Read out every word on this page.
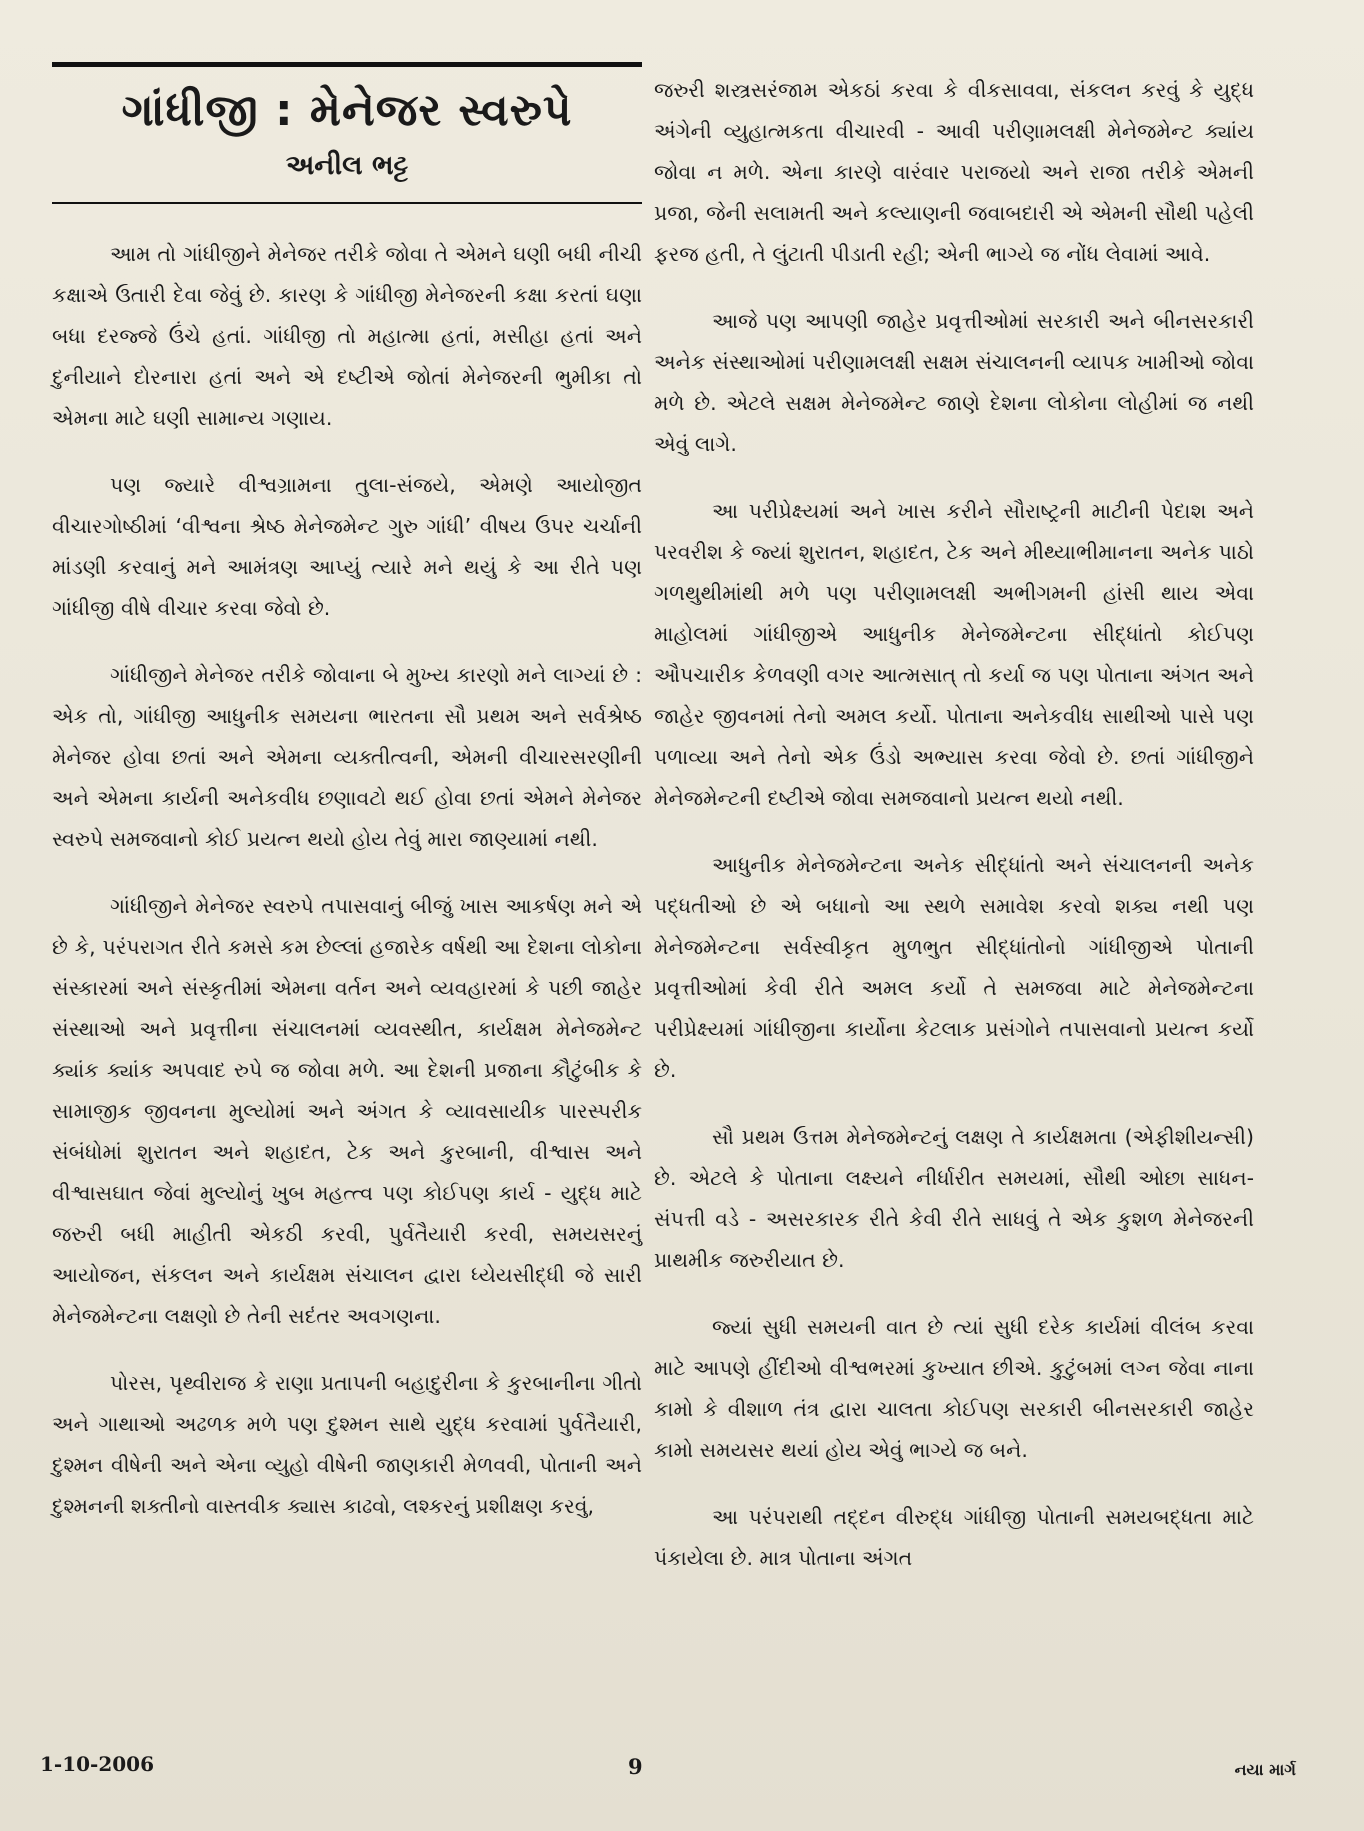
ગાંધીજી : મેનેજર સ્વરુપે
અનીલ ભટ્ટ

આમ તો ગાંધીજીને મેનેજર તરીકે જોવા તે એમને ઘણી બધી નીચી કક્ષાએ ઉતારી દેવા જેવું છે. કારણ કે ગાંધીજી મેનેજરની કક્ષા કરતાં ઘણા બધા દરજ્જે ઉંચે હતાં. ગાંધીજી તો મહાત્મા હતાં, મસીહા હતાં અને દુનીયાને દોરનારા હતાં અને એ દષ્ટીએ જોતાં મેનેજરની ભુમીકા તો એમના માટે ઘણી સામાન્ય ગણાય.

પણ જ્યારે વીશ્વગ્રામના તુલા-સંજયે, એમણે આયોજીત વીચારગોષ્ઠીમાં ‘વીશ્વના શ્રેષ્ઠ મેનેજમેન્ટ ગુરુ ગાંધી’ વીષય ઉપર ચર્ચાની માંડણી કરવાનું મને આમંત્રણ આપ્યું ત્યારે મને થયું કે આ રીતે પણ ગાંધીજી વીષે વીચાર કરવા જેવો છે.

ગાંધીજીને મેનેજર તરીકે જોવાના બે મુખ્ય કારણો મને લાગ્યાં છે : એક તો, ગાંધીજી આધુનીક સમયના ભારતના સૌ પ્રથમ અને સર્વશ્રેષ્ઠ મેનેજર હોવા છતાં અને એમના વ્યક્તીત્વની, એમની વીચારસરણીની અને એમના કાર્યની અનેકવીધ છણાવટો થઈ હોવા છતાં એમને મેનેજર સ્વરુપે સમજવાનો કોઈ પ્રયત્ન થયો હોય તેવું મારા જાણ્યામાં નથી.

ગાંધીજીને મેનેજર સ્વરુપે તપાસવાનું બીજું ખાસ આકર્ષણ મને એ છે કે, પરંપરાગત રીતે કમસે કમ છેલ્લાં હજારેક વર્ષથી આ દેશના લોકોના સંસ્કારમાં અને સંસ્કૃતીમાં એમના વર્તન અને વ્યવહારમાં કે પછી જાહેર સંસ્થાઓ અને પ્રવૃત્તીના સંચાલનમાં વ્યવસ્થીત, કાર્યક્ષમ મેનેજમેન્ટ ક્યાંક ક્યાંક અપવાદ રુપે જ જોવા મળે. આ દેશની પ્રજાના કૌટુંબીક કે સામાજીક જીવનના મુલ્યોમાં અને અંગત કે વ્યાવસાયીક પારસ્પરીક સંબંધોમાં શુરાતન અને શહાદત, ટેક અને કુરબાની, વીશ્વાસ અને વીશ્વાસઘાત જેવાં મુલ્યોનું ખુબ મહત્ત્વ પણ કોઈપણ કાર્ય - યુદ્ધ માટે જરુરી બધી માહીતી એકઠી કરવી, પુર્વતૈયારી કરવી, સમયસરનું આયોજન, સંકલન અને કાર્યક્ષમ સંચાલન દ્વારા ધ્યેયસીદ્ધી જે સારી મેનેજમેન્ટના લક્ષણો છે તેની સદંતર અવગણના.

પોરસ, પૃથ્વીરાજ કે રાણા પ્રતાપની બહાદુરીના કે કુરબાનીના ગીતો અને ગાથાઓ અઢળક મળે પણ દુશ્મન સાથે યુદ્ધ કરવામાં પુર્વતૈયારી, દુશ્મન વીષેની અને એના વ્યુહો વીષેની જાણકારી મેળવવી, પોતાની અને દુશ્મનની શક્તીનો વાસ્તવીક ક્યાસ કાઢવો, લશ્કરનું પ્રશીક્ષણ કરવું,

જરુરી શસ્ત્રસરંજામ એકઠાં કરવા કે વીકસાવવા, સંકલન કરવું કે યુદ્ધ અંગેની વ્યુહાત્મકતા વીચારવી - આવી પરીણામલક્ષી મેનેજમેન્ટ ક્યાંય જોવા ન મળે. એના કારણે વારંવાર પરાજયો અને રાજા તરીકે એમની પ્રજા, જેની સલામતી અને કલ્યાણની જવાબદારી એ એમની સૌથી પહેલી ફરજ હતી, તે લુંટાતી પીડાતી રહી; એની ભાગ્યે જ નોંધ લેવામાં આવે.

આજે પણ આપણી જાહેર પ્રવૃત્તીઓમાં સરકારી અને બીનસરકારી અનેક સંસ્થાઓમાં પરીણામલક્ષી સક્ષમ સંચાલનની વ્યાપક ખામીઓ જોવા મળે છે. એટલે સક્ષમ મેનેજમેન્ટ જાણે દેશના લોકોના લોહીમાં જ નથી એવું લાગે.

આ પરીપ્રેક્ષ્યમાં અને ખાસ કરીને સૌરાષ્ટ્રની માટીની પેદાશ અને પરવરીશ કે જ્યાં શુરાતન, શહાદત, ટેક અને મીથ્યાભીમાનના અનેક પાઠો ગળથુથીમાંથી મળે પણ પરીણામલક્ષી અભીગમની હાંસી થાય એવા માહોલમાં ગાંધીજીએ આધુનીક મેનેજમેન્ટના સીદ્ધાંતો કોઈપણ ઔપચારીક કેળવણી વગર આત્મસાત્ તો કર્યા જ પણ પોતાના અંગત અને જાહેર જીવનમાં તેનો અમલ કર્યો. પોતાના અનેકવીધ સાથીઓ પાસે પણ પળાવ્યા અને તેનો એક ઉંડો અભ્યાસ કરવા જેવો છે. છતાં ગાંધીજીને મેનેજમેન્ટની દષ્ટીએ જોવા સમજવાનો પ્રયત્ન થયો નથી.

આધુનીક મેનેજમેન્ટના અનેક સીદ્ધાંતો અને સંચાલનની અનેક પદ્ધતીઓ છે એ બધાનો આ સ્થળે સમાવેશ કરવો શક્ય નથી પણ મેનેજમેન્ટના સર્વસ્વીકૃત મુળભુત સીદ્ધાંતોનો ગાંધીજીએ પોતાની પ્રવૃત્તીઓમાં કેવી રીતે અમલ કર્યો તે સમજવા માટે મેનેજમેન્ટના પરીપ્રેક્ષ્યમાં ગાંધીજીના કાર્યોના કેટલાક પ્રસંગોને તપાસવાનો પ્રયત્ન કર્યો છે.

સૌ પ્રથમ ઉત્તમ મેનેજમેન્ટનું લક્ષણ તે કાર્યક્ષમતા (એફીશીયન્સી) છે. એટલે કે પોતાના લક્ષ્યને નીર્ધારીત સમયમાં, સૌથી ઓછા સાધન-સંપત્તી વડે - અસરકારક રીતે કેવી રીતે સાધવું તે એક કુશળ મેનેજરની પ્રાથમીક જરુરીયાત છે.

જ્યાં સુધી સમયની વાત છે ત્યાં સુધી દરેક કાર્યમાં વીલંબ કરવા માટે આપણે હીંદીઓ વીશ્વભરમાં કુખ્યાત છીએ. કુટુંબમાં લગ્ન જેવા નાના કામો કે વીશાળ તંત્ર દ્વારા ચાલતા કોઈપણ સરકારી બીનસરકારી જાહેર કામો સમયસર થયાં હોય એવું ભાગ્યે જ બને.

આ પરંપરાથી તદ્દન વીરુદ્ધ ગાંધીજી પોતાની સમયબદ્ધતા માટે પંકાયેલા છે. માત્ર પોતાના અંગત

1-10-2006	9	નયા માર્ગ
